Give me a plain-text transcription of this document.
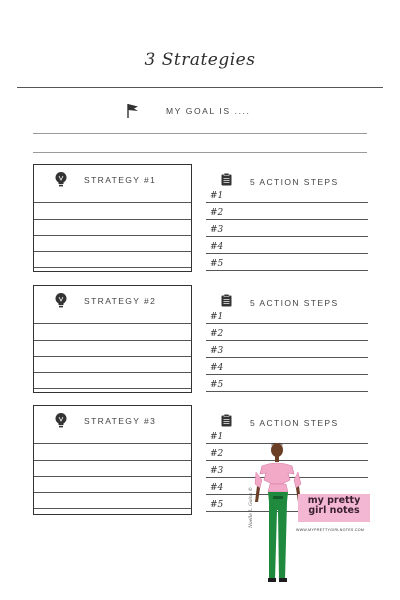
3 Strategies
MY GOAL IS ....
STRATEGY #1	5 ACTION STEPS
#1
#2
#3
#4
#5
STRATEGY #2	5 ACTION STEPS
#1
#2
#3
#4
#5
STRATEGY #3	5 ACTION STEPS
#1
#2
#3
#4
#5	my pretty girl notes
WWW.MYPRETTYGIRLNOTES.COM
Noelle L. Goins ©
